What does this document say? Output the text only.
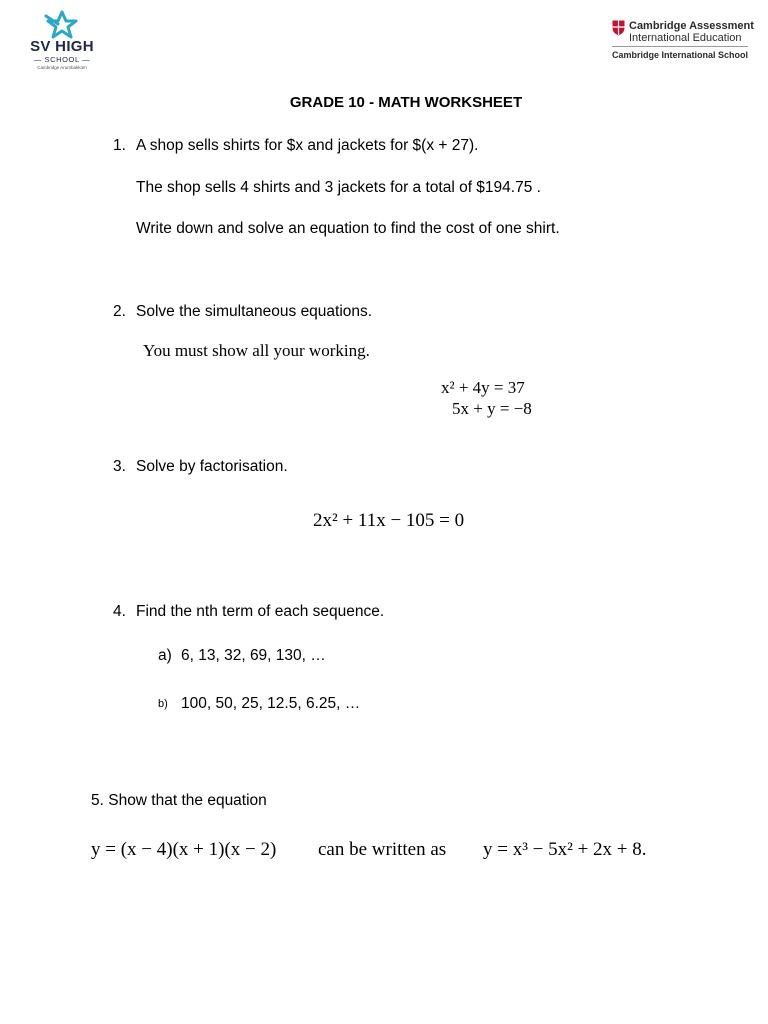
SV HIGH
— SCHOOL —
Cambridge Arumbakkam
Cambridge Assessment
International Education
Cambridge International School
GRADE 10 - MATH WORKSHEET
1. A shop sells shirts for $x and jackets for $(x + 27).
The shop sells 4 shirts and 3 jackets for a total of $194.75 .
Write down and solve an equation to find the cost of one shirt.
2. Solve the simultaneous equations.
You must show all your working.
x² + 4y = 37
5x + y = −8
3. Solve by factorisation.
2x² + 11x − 105 = 0
4. Find the nth term of each sequence.
a) 6, 13, 32, 69, 130, …
b) 100, 50, 25, 12.5, 6.25, …
5. Show that the equation
y = (x − 4)(x + 1)(x − 2) can be written as y = x³ − 5x² + 2x + 8.
